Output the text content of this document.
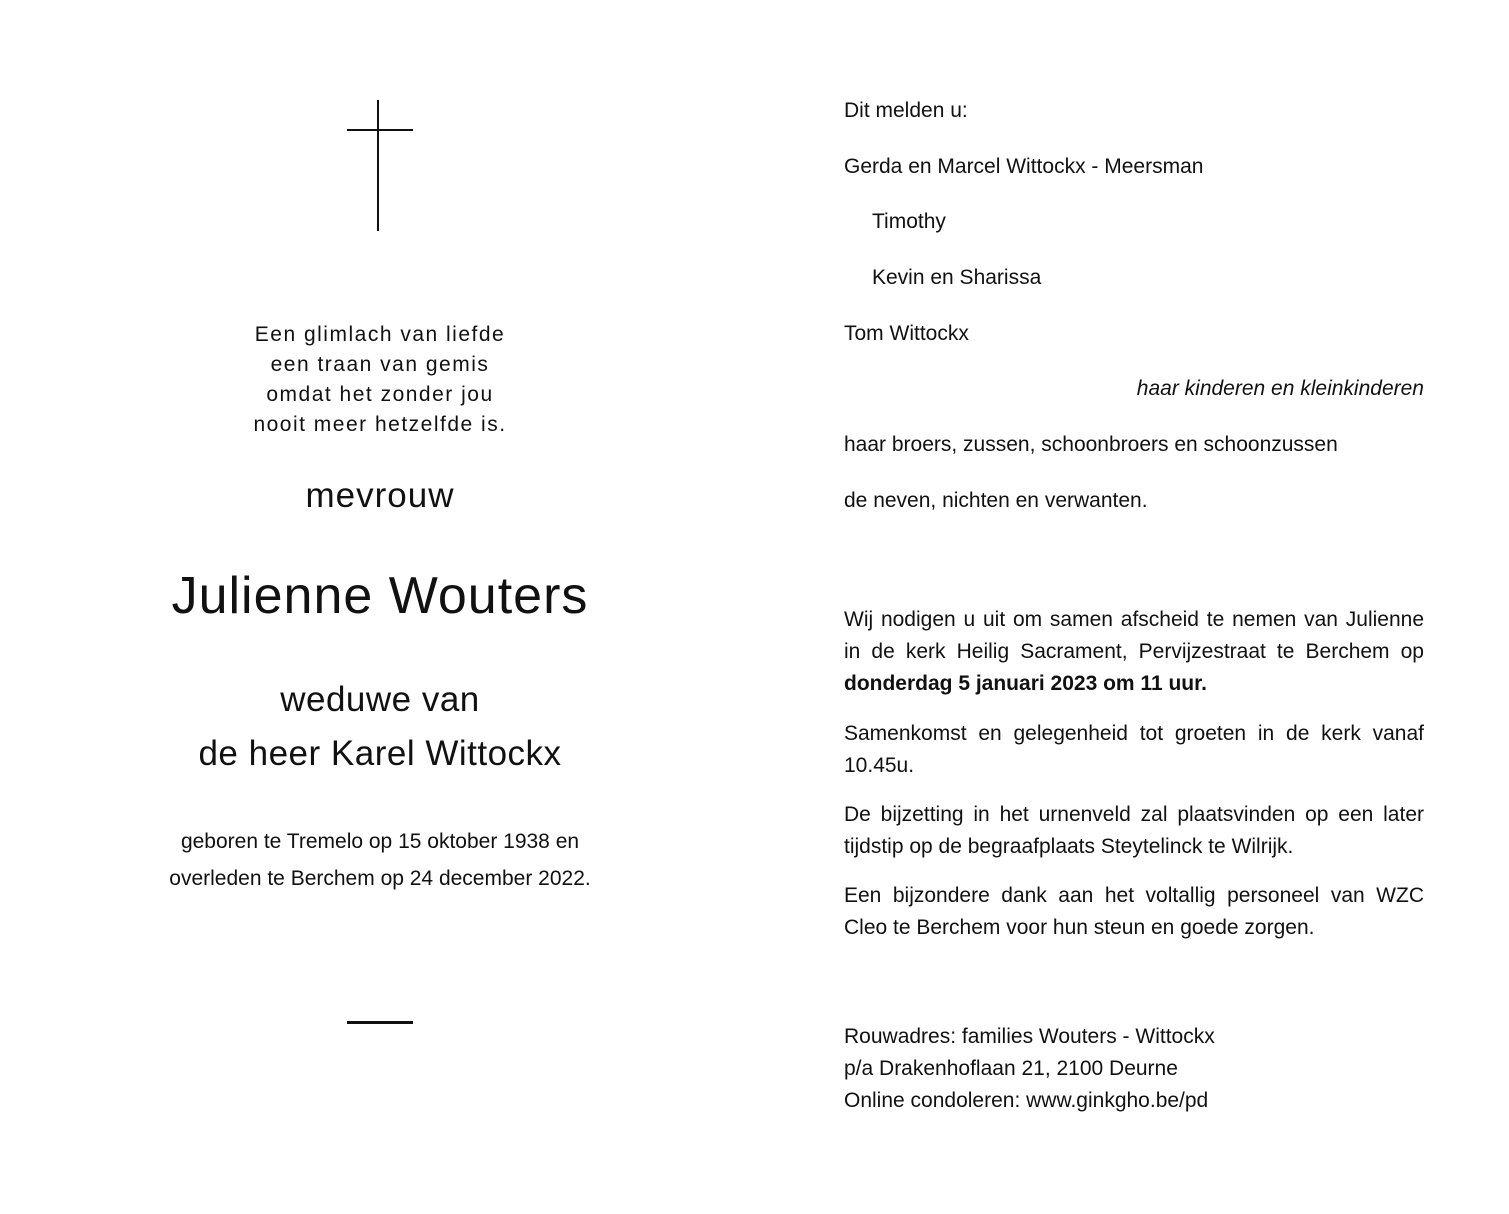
Een glimlach van liefde
een traan van gemis
omdat het zonder jou
nooit meer hetzelfde is.
mevrouw
Julienne Wouters
weduwe van
de heer Karel Wittockx
geboren te Tremelo op 15 oktober 1938 en
overleden te Berchem op 24 december 2022.
Dit melden u:
Gerda en Marcel Wittockx - Meersman
Timothy
Kevin en Sharissa
Tom Wittockx
haar kinderen en kleinkinderen
haar broers, zussen, schoonbroers en schoonzussen
de neven, nichten en verwanten.
Wij nodigen u uit om samen afscheid te nemen van Julienne in de kerk Heilig Sacrament, Pervijzestraat te Berchem op donderdag 5 januari 2023 om 11 uur.
Samenkomst en gelegenheid tot groeten in de kerk vanaf 10.45u.
De bijzetting in het urnenveld zal plaatsvinden op een later tijdstip op de begraafplaats Steytelinck te Wilrijk.
Een bijzondere dank aan het voltallig personeel van WZC Cleo te Berchem voor hun steun en goede zorgen.
Rouwadres: families Wouters - Wittockx
p/a Drakenhoflaan 21, 2100 Deurne
Online condoleren: www.ginkgho.be/pd
